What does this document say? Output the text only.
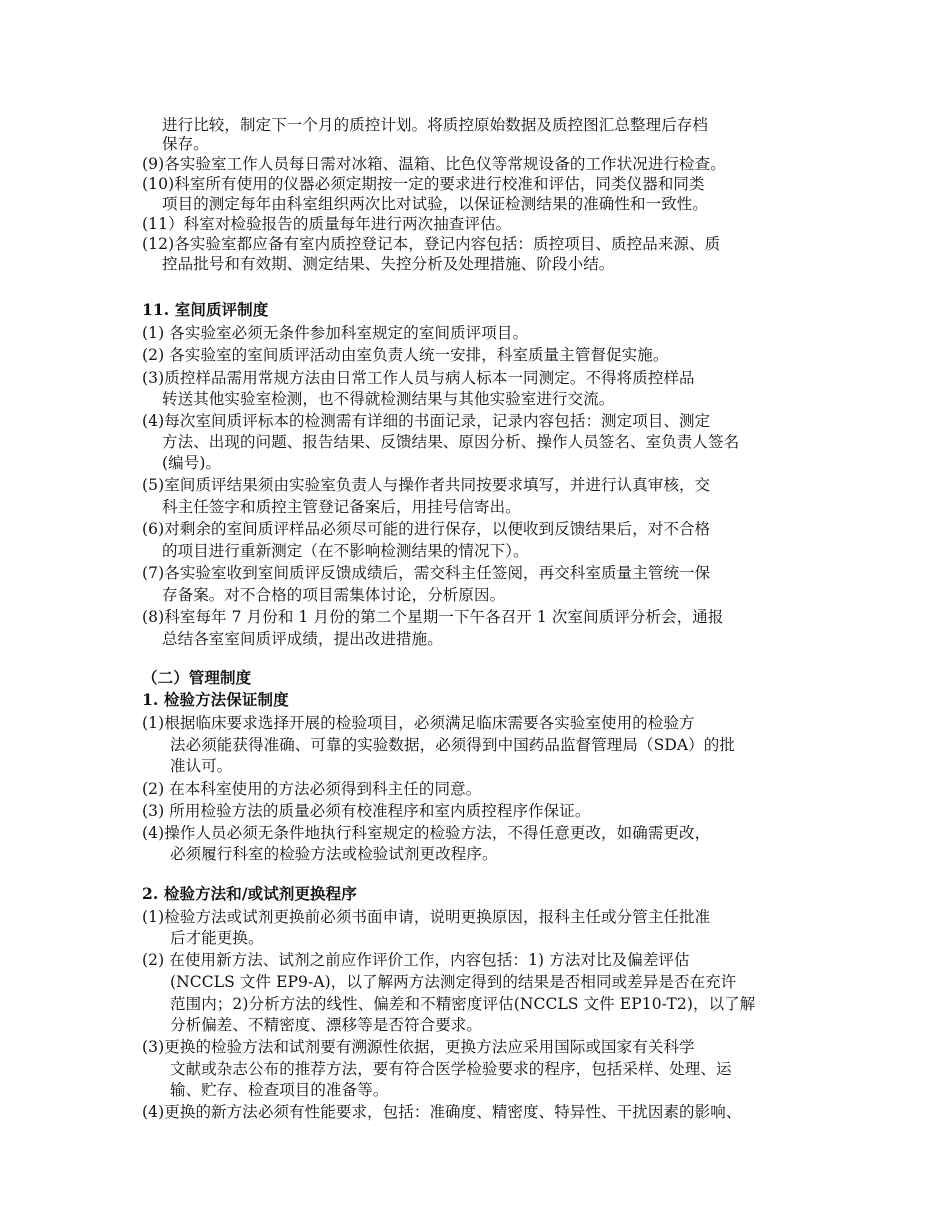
进行比较，制定下一个月的质控计划。将质控原始数据及质控图汇总整理后存档
保存。
(9)各实验室工作人员每日需对冰箱、温箱、比色仪等常规设备的工作状况进行检查。
(10)科室所有使用的仪器必须定期按一定的要求进行校准和评估，同类仪器和同类
项目的测定每年由科室组织两次比对试验，以保证检测结果的准确性和一致性。
(11）科室对检验报告的质量每年进行两次抽查评估。
(12)各实验室都应备有室内质控登记本，登记内容包括：质控项目、质控品来源、质
控品批号和有效期、测定结果、失控分析及处理措施、阶段小结。
11. 室间质评制度
(1) 各实验室必须无条件参加科室规定的室间质评项目。
(2) 各实验室的室间质评活动由室负责人统一安排，科室质量主管督促实施。
(3)质控样品需用常规方法由日常工作人员与病人标本一同测定。不得将质控样品
转送其他实验室检测，也不得就检测结果与其他实验室进行交流。
(4)每次室间质评标本的检测需有详细的书面记录，记录内容包括：测定项目、测定
方法、出现的问题、报告结果、反馈结果、原因分析、操作人员签名、室负责人签名
(编号)。
(5)室间质评结果须由实验室负责人与操作者共同按要求填写，并进行认真审核，交
科主任签字和质控主管登记备案后，用挂号信寄出。
(6)对剩余的室间质评样品必须尽可能的进行保存，以便收到反馈结果后，对不合格
的项目进行重新测定（在不影响检测结果的情况下）。
(7)各实验室收到室间质评反馈成绩后，需交科主任签阅，再交科室质量主管统一保
存备案。对不合格的项目需集体讨论，分析原因。
(8)科室每年 7 月份和 1 月份的第二个星期一下午各召开 1 次室间质评分析会，通报
总结各室室间质评成绩，提出改进措施。
（二）管理制度
1. 检验方法保证制度
(1)根据临床要求选择开展的检验项目，必须满足临床需要各实验室使用的检验方
法必须能获得准确、可靠的实验数据，必须得到中国药品监督管理局（SDA）的批
准认可。
(2) 在本科室使用的方法必须得到科主任的同意。
(3) 所用检验方法的质量必须有校准程序和室内质控程序作保证。
(4)操作人员必须无条件地执行科室规定的检验方法，不得任意更改，如确需更改，
必须履行科室的检验方法或检验试剂更改程序。
2. 检验方法和/或试剂更换程序
(1)检验方法或试剂更换前必须书面申请，说明更换原因，报科主任或分管主任批准
后才能更换。
(2) 在使用新方法、试剂之前应作评价工作，内容包括：1) 方法对比及偏差评估
(NCCLS 文件 EP9-A)，以了解两方法测定得到的结果是否相同或差异是否在充许
范围内；2)分析方法的线性、偏差和不精密度评估(NCCLS 文件 EP10-T2)，以了解
分析偏差、不精密度、漂移等是否符合要求。
(3)更换的检验方法和试剂要有溯源性依据，更换方法应采用国际或国家有关科学
文献或杂志公布的推荐方法，要有符合医学检验要求的程序，包括采样、处理、运
输、贮存、检查项目的准备等。
(4)更换的新方法必须有性能要求，包括：准确度、精密度、特异性、干扰因素的影响、
